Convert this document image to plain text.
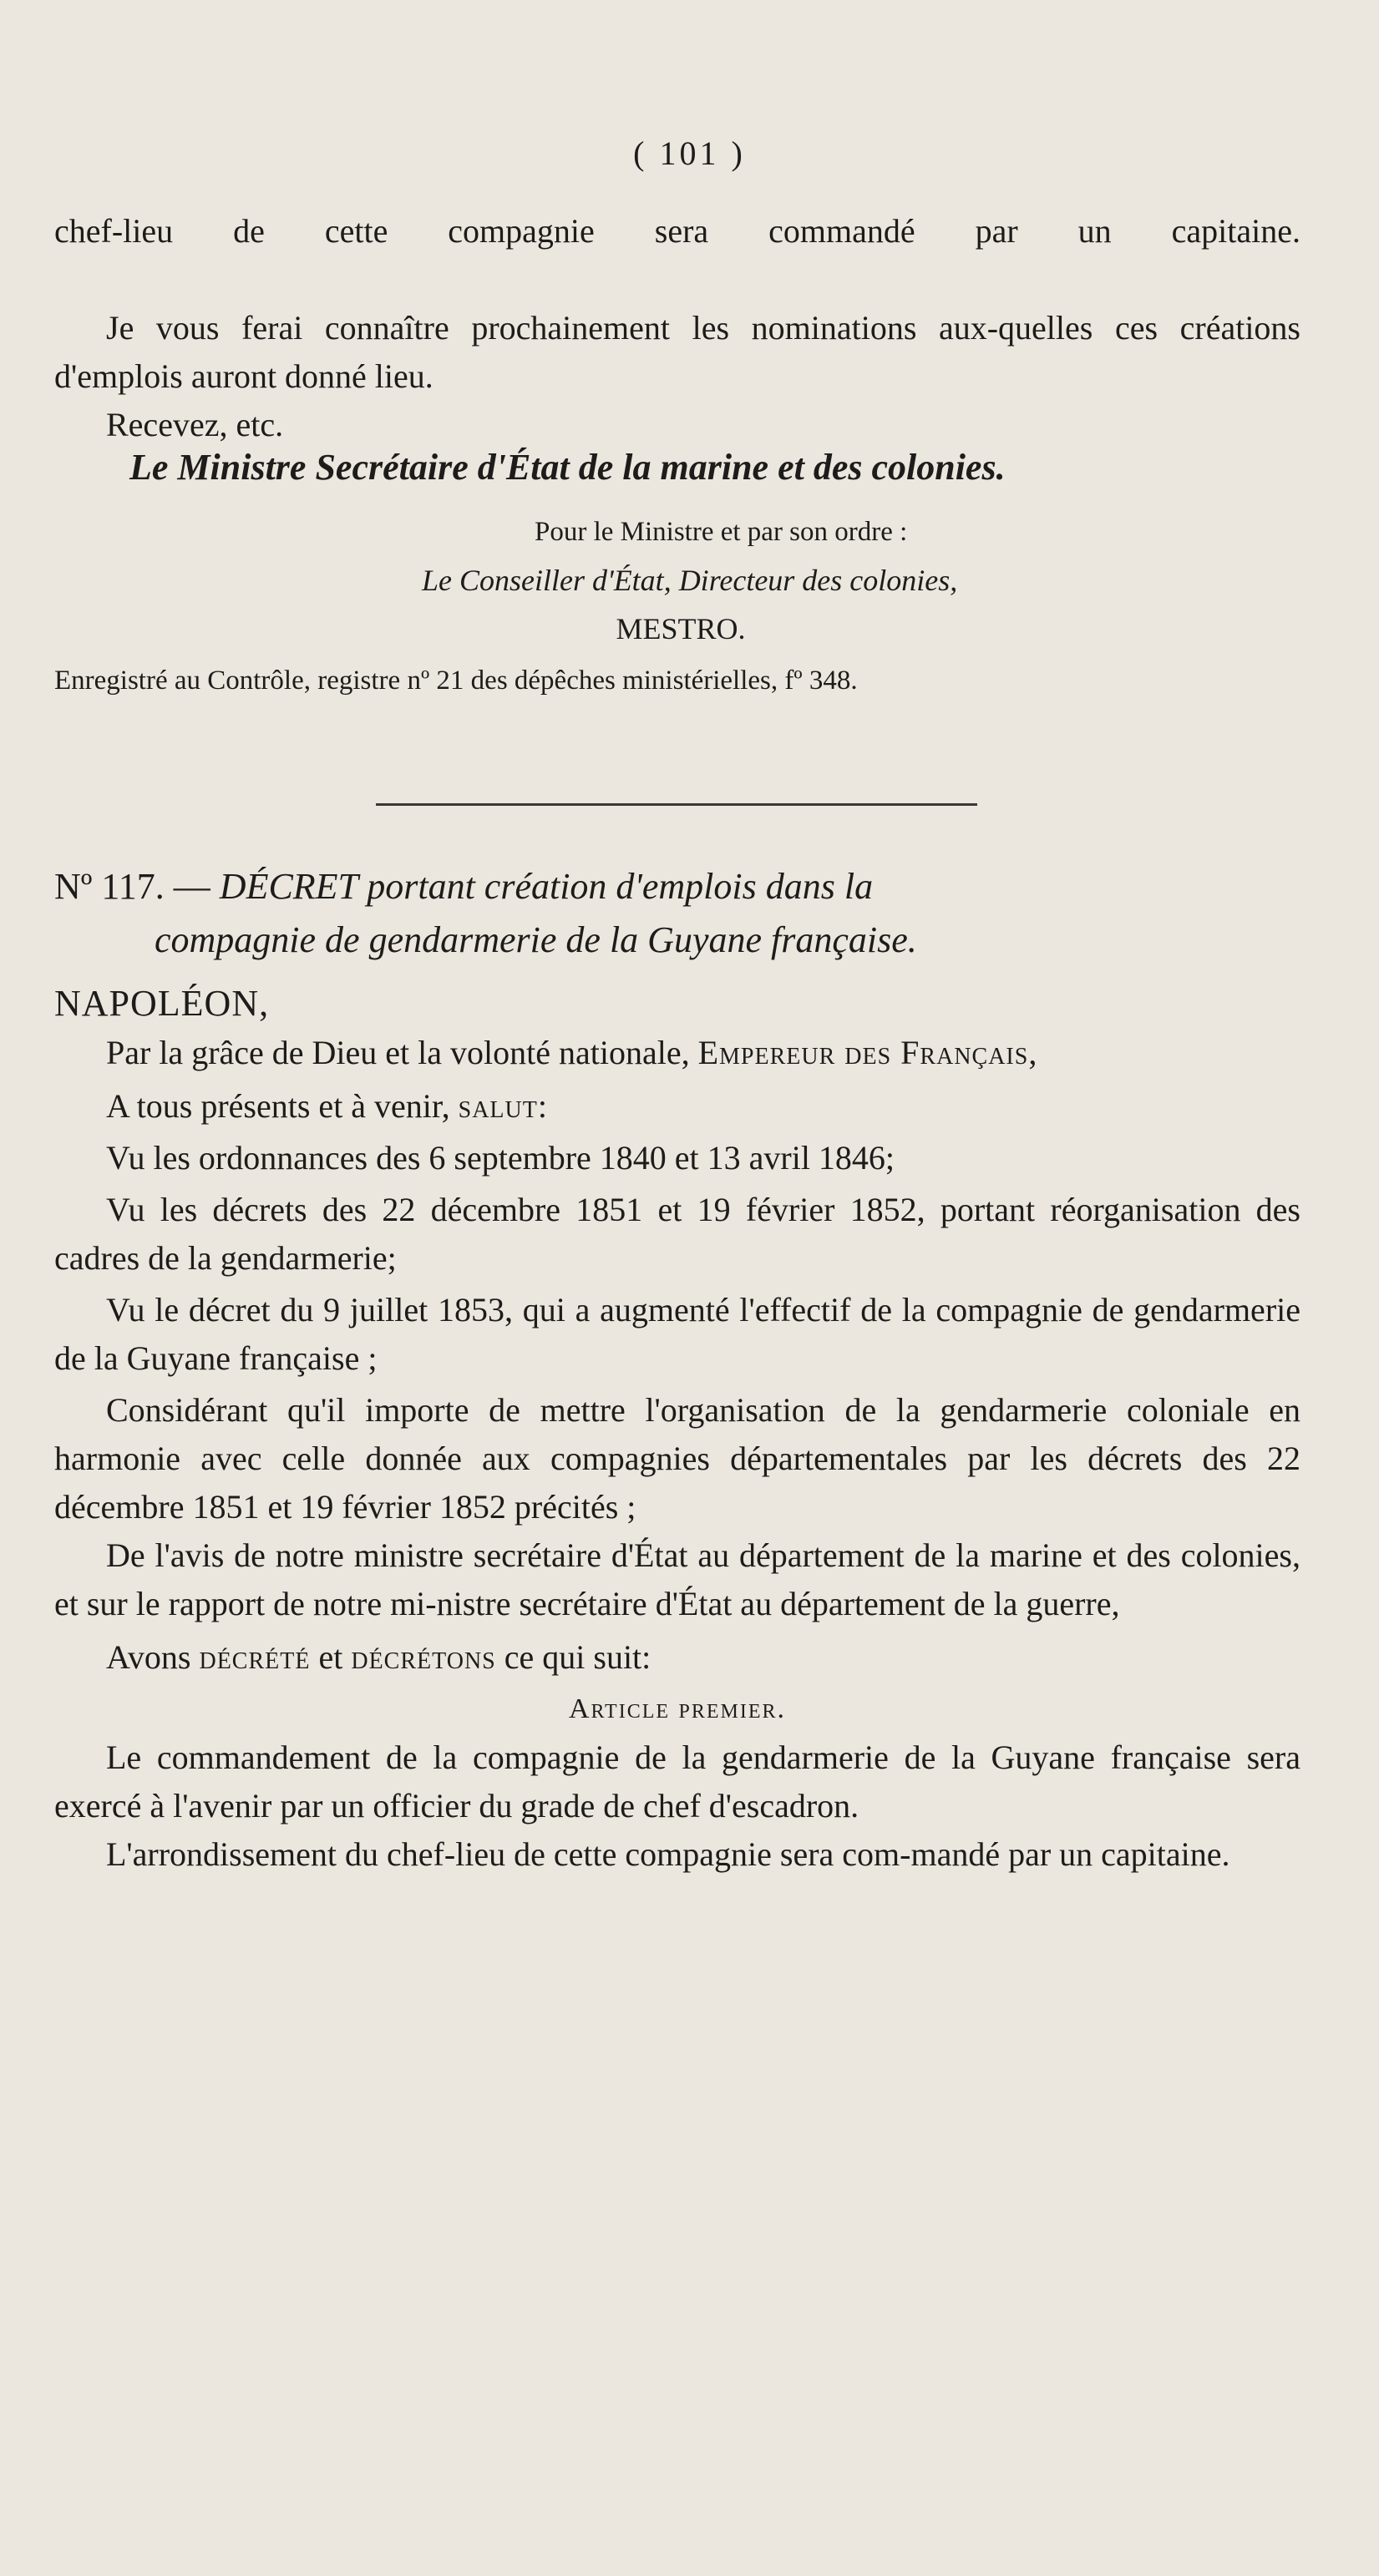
( 101 )

chef-lieu de cette compagnie sera commandé par un capitaine.

Je vous ferai connaître prochainement les nominations aux-quelles ces créations d'emplois auront donné lieu.

Recevez, etc.

Le Ministre Secrétaire d'État de la marine et des colonies.

Pour le Ministre et par son ordre :

Le Conseiller d'État, Directeur des colonies,

MESTRO.

Enregistré au Contrôle, registre nº 21 des dépêches ministérielles, fº 348.

Nº 117. — DÉCRET portant création d'emplois dans la
compagnie de gendarmerie de la Guyane française.

NAPOLÉON,

Par la grâce de Dieu et la volonté nationale, Empereur des Français,

A tous présents et à venir, salut:

Vu les ordonnances des 6 septembre 1840 et 13 avril 1846;

Vu les décrets des 22 décembre 1851 et 19 février 1852, portant réorganisation des cadres de la gendarmerie;

Vu le décret du 9 juillet 1853, qui a augmenté l'effectif de la compagnie de gendarmerie de la Guyane française ;

Considérant qu'il importe de mettre l'organisation de la gendarmerie coloniale en harmonie avec celle donnée aux compagnies départementales par les décrets des 22 décembre 1851 et 19 février 1852 précités ;

De l'avis de notre ministre secrétaire d'État au département de la marine et des colonies, et sur le rapport de notre mi-nistre secrétaire d'État au département de la guerre,

Avons décrété et décrétons ce qui suit:

Article premier.

Le commandement de la compagnie de la gendarmerie de la Guyane française sera exercé à l'avenir par un officier du grade de chef d'escadron.

L'arrondissement du chef-lieu de cette compagnie sera com-mandé par un capitaine.
